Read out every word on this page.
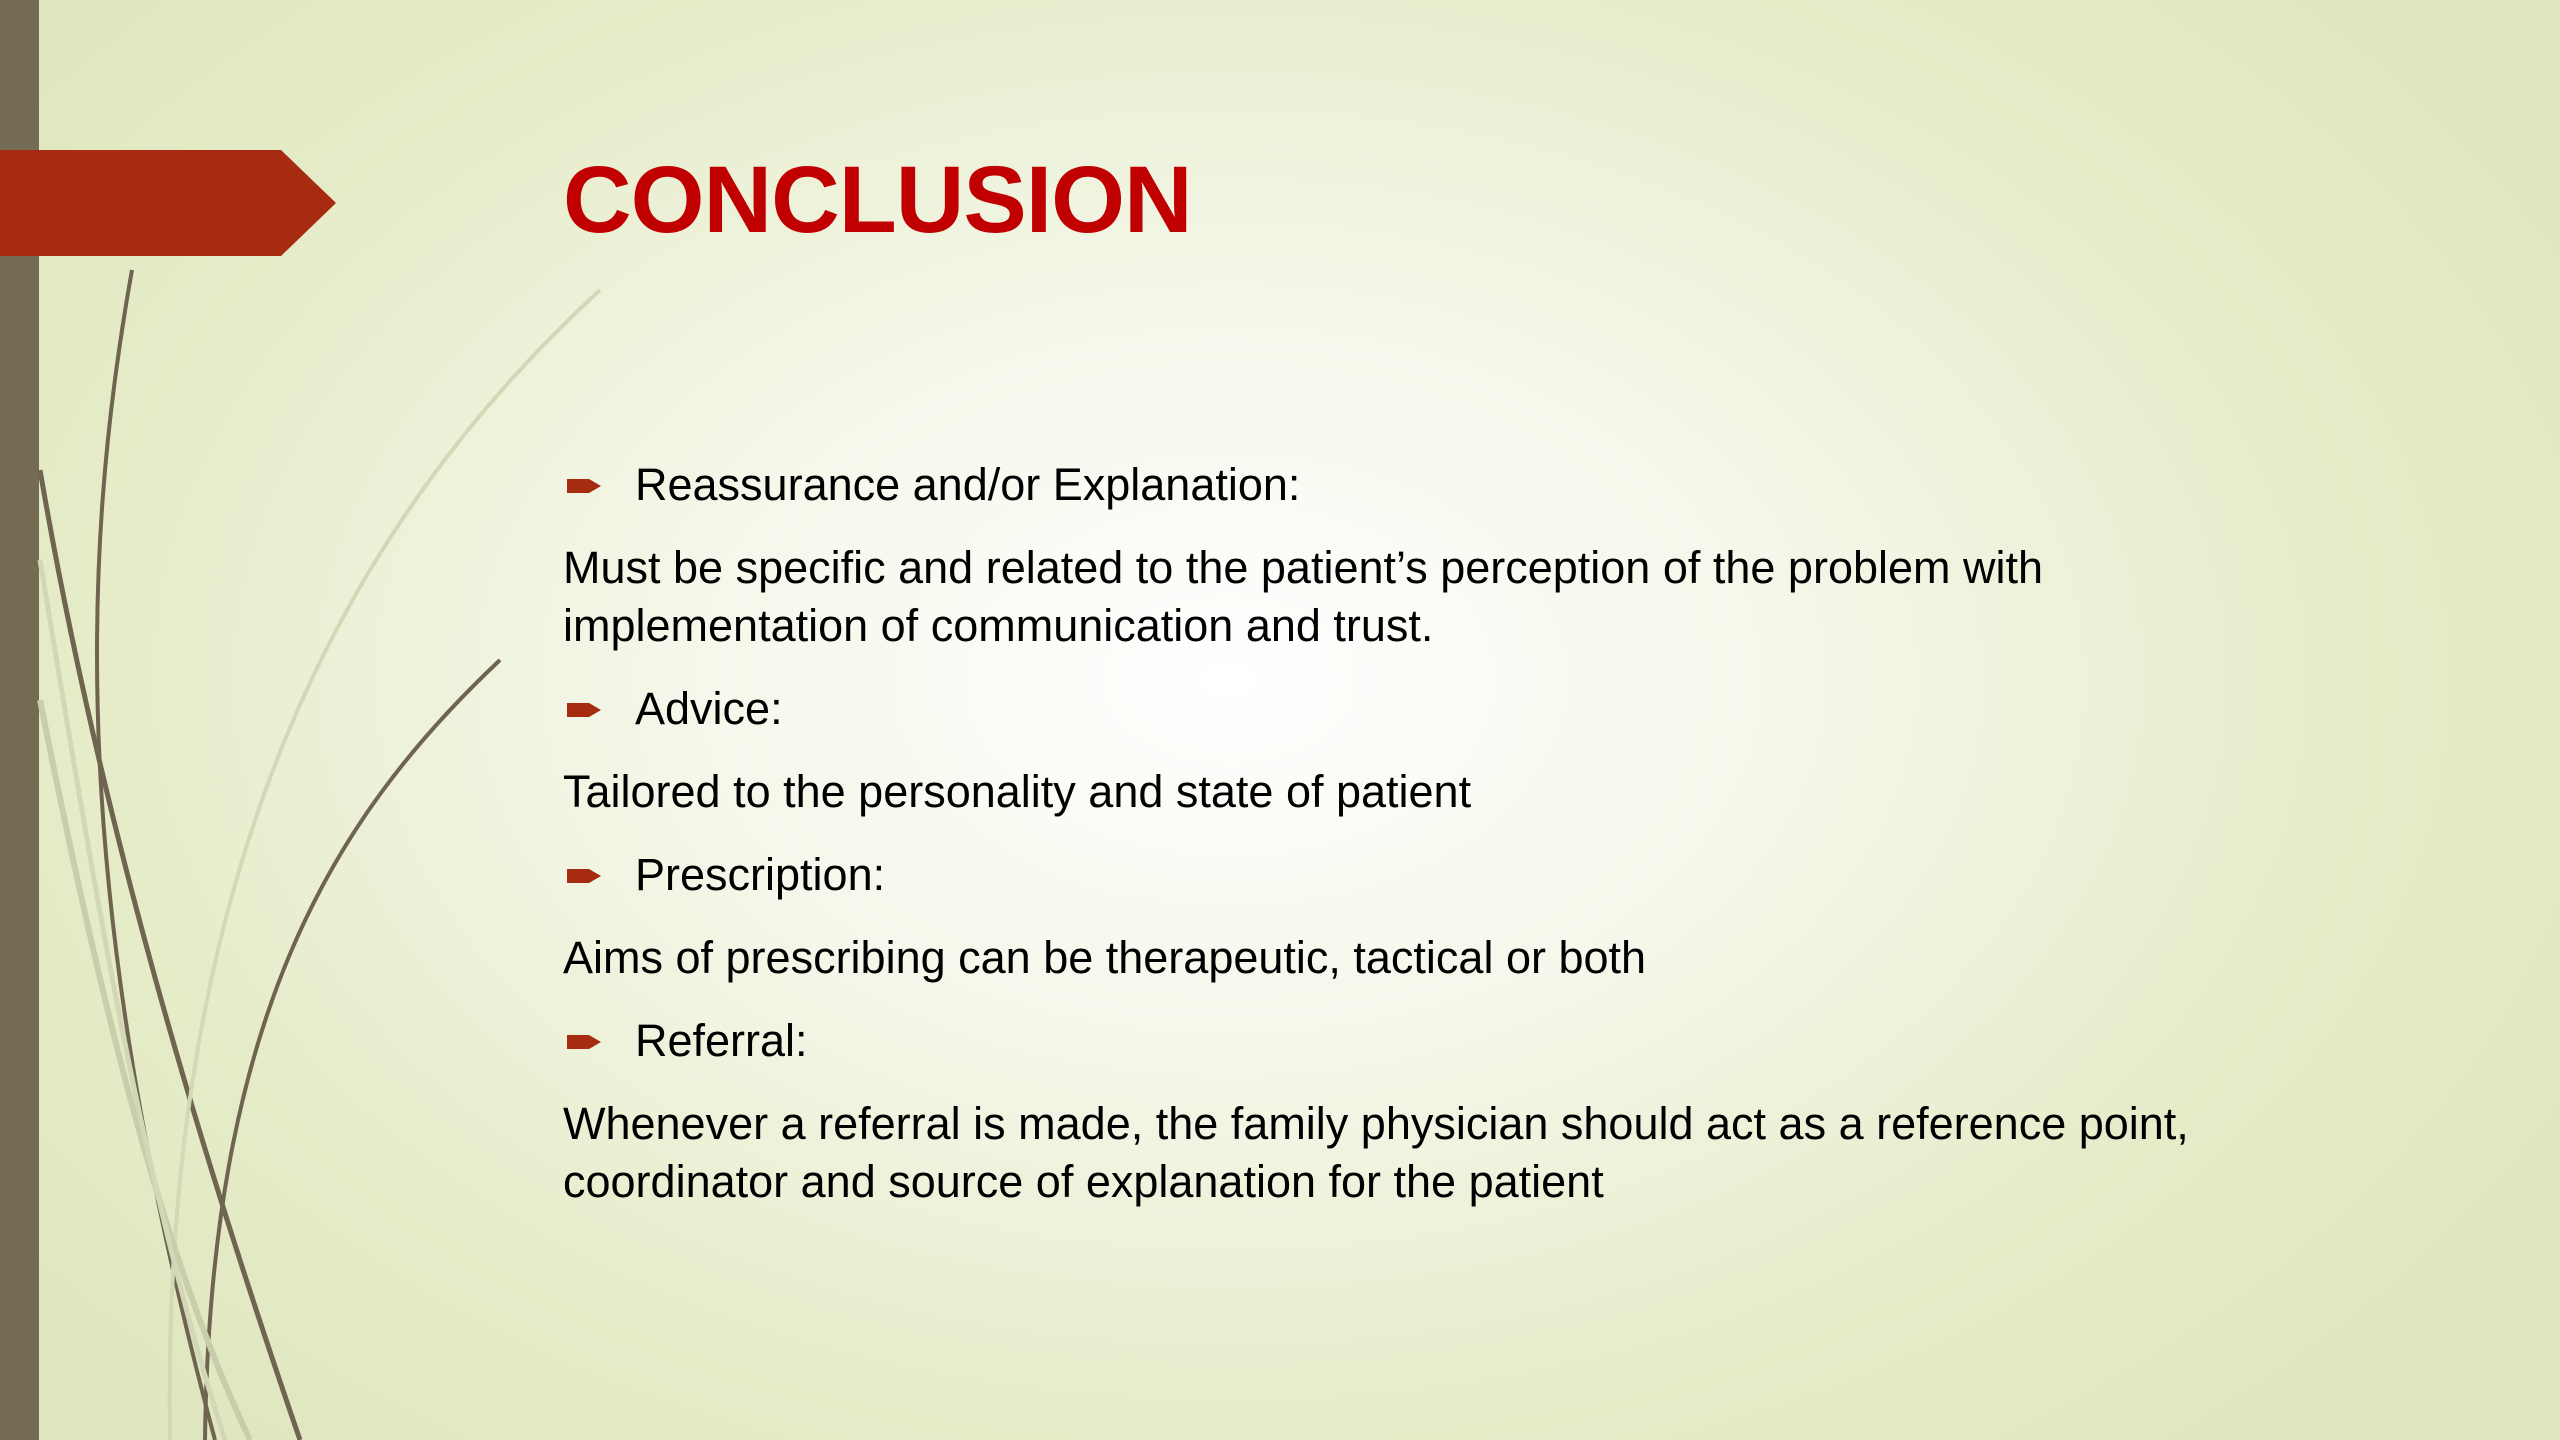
CONCLUSION
Reassurance and/or Explanation:
Must be specific and related to the patient’s perception of the problem with
implementation of communication and trust.
Advice:
Tailored to the personality and state of patient
Prescription:
Aims of prescribing can be therapeutic, tactical or both
Referral:
Whenever a referral is made, the family physician should act as a reference point,
coordinator and source of explanation for the patient
